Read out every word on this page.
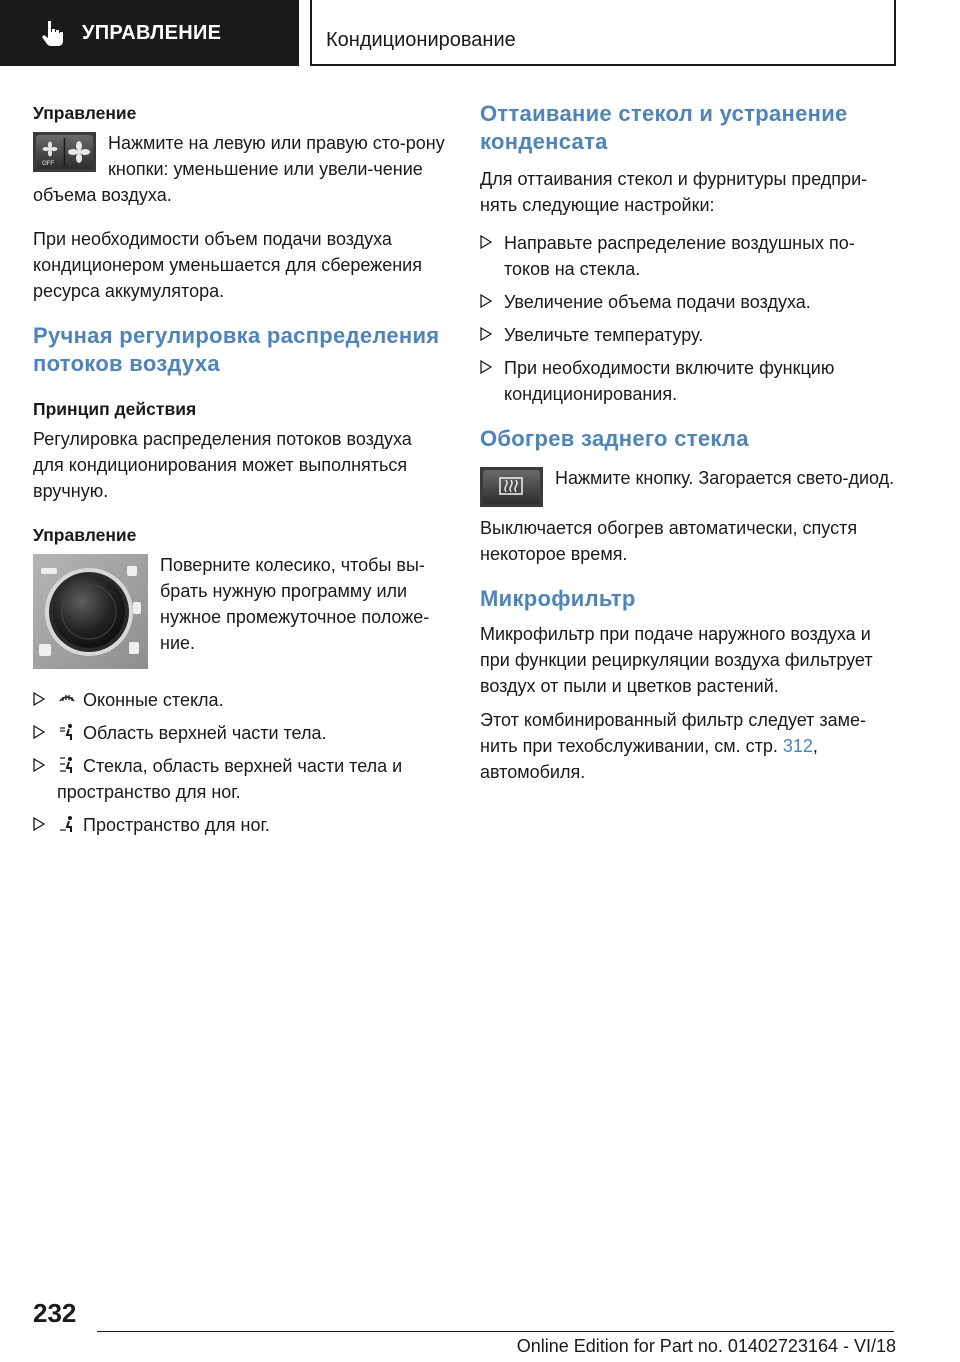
УПРАВЛЕНИЕ	Кондиционирование
Управление
OFF
Нажмите на левую или правую сто-рону кнопки: уменьшение или увели-чение объема воздуха.
При необходимости объем подачи воздуха кондиционером уменьшается для сбережения ресурса аккумулятора.
Ручная регулировка распределения потоков воздуха
Принцип действия
Регулировка распределения потоков воздуха для кондиционирования может выполняться вручную.
Управление
Поверните колесико, чтобы вы-брать нужную программу или нужное промежуточное положе-ние.
Оконные стекла.
Область верхней части тела.
Стекла, область верхней части тела и пространство для ног.
Пространство для ног.
Оттаивание стекол и устранение конденсата
Для оттаивания стекол и фурнитуры предпри-нять следующие настройки:
Направьте распределение воздушных по-токов на стекла.
Увеличение объема подачи воздуха.
Увеличьте температуру.
При необходимости включите функцию кондиционирования.
Обогрев заднего стекла
Нажмите кнопку. Загорается свето-диод.
Выключается обогрев автоматически, спустя некоторое время.
Микрофильтр
Микрофильтр при подаче наружного воздуха и при функции рециркуляции воздуха фильтрует воздух от пыли и цветков растений.
Этот комбинированный фильтр следует заме-нить при техобслуживании, см. стр. 312, автомобиля.
232
Online Edition for Part no. 01402723164 - VI/18
